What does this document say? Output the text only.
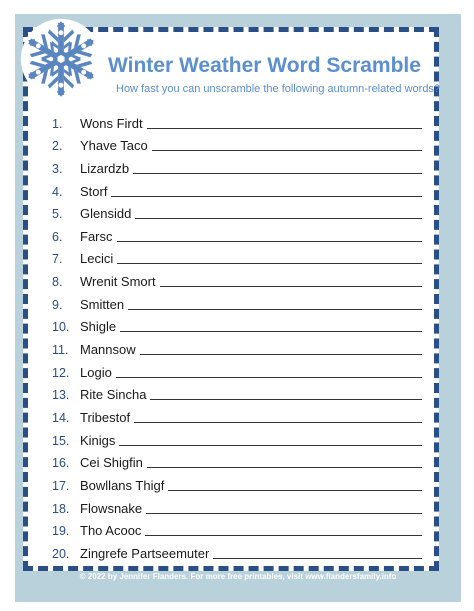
Winter Weather Word Scramble
How fast you can unscramble the following autumn-related words?
1.	Wons Firdt
2.	Yhave Taco
3.	Lizardzb
4.	Storf
5.	Glensidd
6.	Farsc
7.	Lecici
8.	Wrenit Smort
9.	Smitten
10. Shigle
11. Mannsow
12. Logio
13. Rite Sincha
14. Tribestof
15. Kinigs
16. Cei Shigfin
17. Bowllans Thigf
18. Flowsnake
19. Tho Acooc
20. Zingrefe Partseemuter
© 2022 by Jennifer Flanders. For more free printables, visit www.flandersfamily.info
